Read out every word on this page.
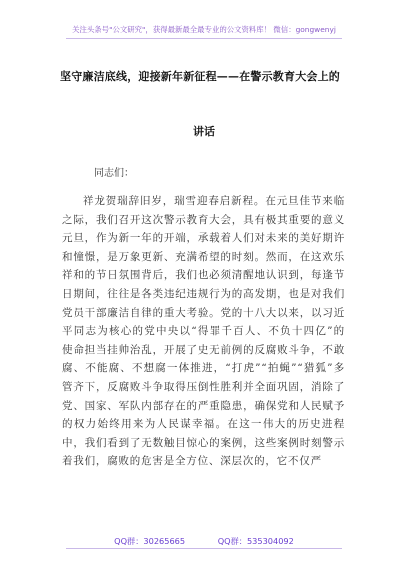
关注头条号"公文研究"，获得最新最全最专业的公文资料库！ 微信：gongwenyj
坚守廉洁底线，迎接新年新征程——在警示教育大会上的
讲话
同志们：

祥龙贺瑞辞旧岁，瑞雪迎春启新程。在元旦佳节来临之际，我们召开这次警示教育大会，具有极其重要的意义元旦，作为新一年的开端，承载着人们对未来的美好期许和憧憬，是万象更新、充满希望的时刻。然而，在这欢乐祥和的节日氛围背后，我们也必须清醒地认识到，每逢节日期间，往往是各类违纪违规行为的高发期，也是对我们党员干部廉洁自律的重大考验。党的十八大以来，以习近平同志为核心的党中央以“得罪千百人、不负十四亿”的使命担当挂帅治乱，开展了史无前例的反腐败斗争，不敢腐、不能腐、不想腐一体推进，“打虎”“拍蝇”“猎狐”多管齐下，反腐败斗争取得压倒性胜利并全面巩固，消除了党、国家、军队内部存在的严重隐患，确保党和人民赋予的权力始终用来为人民谋幸福。在这一伟大的历史进程中，我们看到了无数触目惊心的案例，这些案例时刻警示着我们，腐败的危害是全方位、深层次的，它不仅严

QQ群：30265665	QQ群：535304092
